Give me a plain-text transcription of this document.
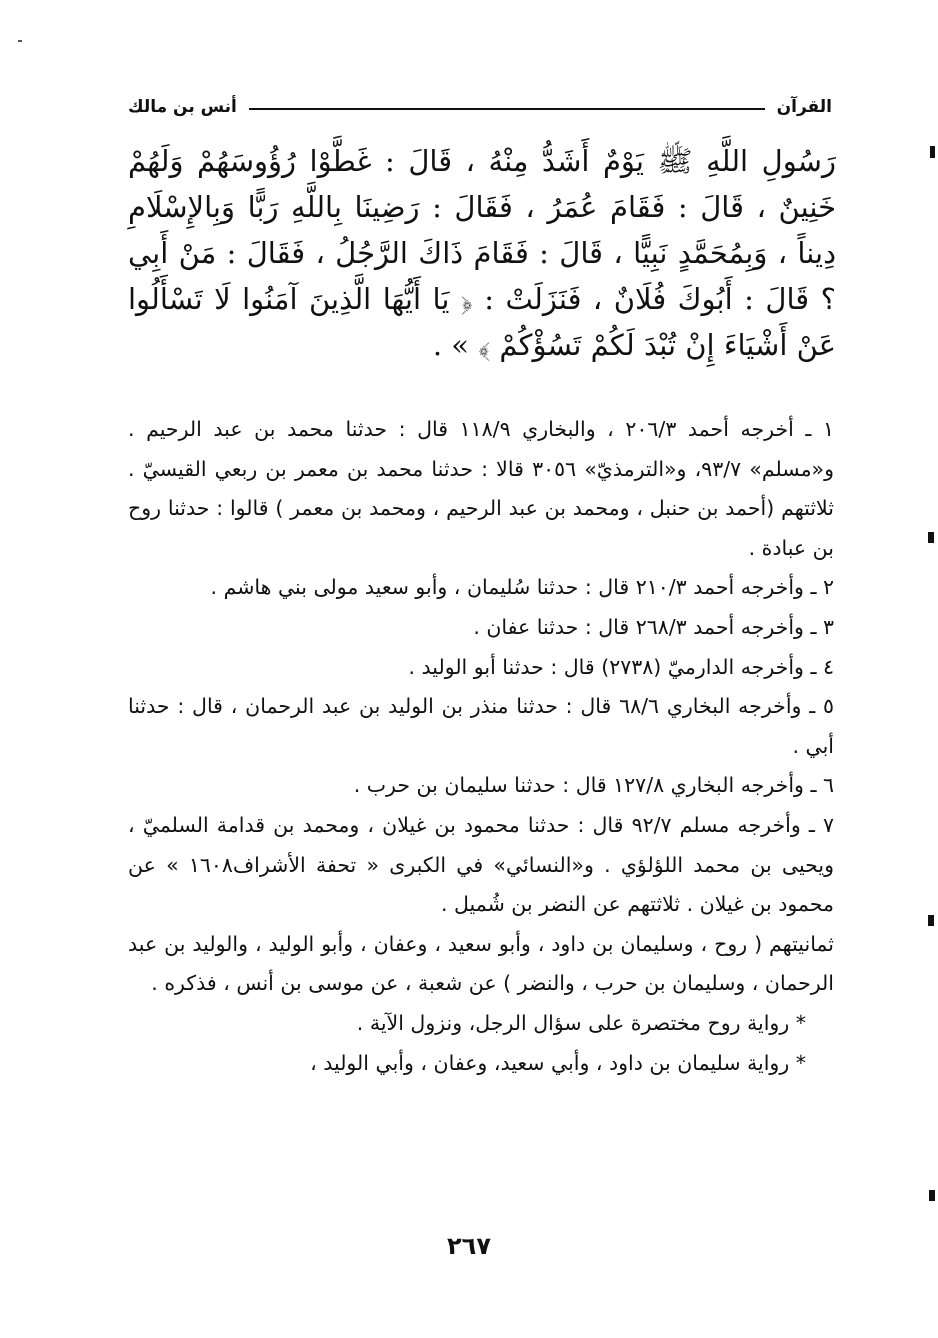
القرآن
أنس بن مالك
رَسُولِ اللَّهِ ﷺ يَوْمٌ أَشَدُّ مِنْهُ ، قَالَ : غَطَّوْا رُؤُوسَهُمْ وَلَهُمْ خَنِينٌ ، قَالَ : فَقَامَ عُمَرُ ، فَقَالَ : رَضِينَا بِاللَّهِ رَبًّا وَبِالإِسْلَامِ دِيناً ، وَبِمُحَمَّدٍ نَبِيًّا ، قَالَ : فَقَامَ ذَاكَ الرَّجُلُ ، فَقَالَ : مَنْ أَبِي ؟ قَالَ : أَبُوكَ فُلَانٌ ، فَنَزَلَتْ : ﴿ يَا أَيُّهَا الَّذِينَ آمَنُوا لَا تَسْأَلُوا عَنْ أَشْيَاءَ إِنْ تُبْدَ لَكُمْ تَسُؤْكُمْ ﴾ » .

١ ـ أخرجه أحمد ٢٠٦/٣ ، والبخاري ١١٨/٩ قال : حدثنا محمد بن عبد الرحيم . و«مسلم» ٩٣/٧، و«الترمذيّ» ٣٠٥٦ قالا : حدثنا محمد بن معمر بن ربعي القيسيّ . ثلاثتهم (أحمد بن حنبل ، ومحمد بن عبد الرحيم ، ومحمد بن معمر ) قالوا : حدثنا روح بن عبادة .

٢ ـ وأخرجه أحمد ٢١٠/٣ قال : حدثنا سُليمان ، وأبو سعيد مولى بني هاشم .

٣ ـ وأخرجه أحمد ٢٦٨/٣ قال : حدثنا عفان .

٤ ـ وأخرجه الدارميّ (٢٧٣٨) قال : حدثنا أبو الوليد .

٥ ـ وأخرجه البخاري ٦٨/٦ قال : حدثنا منذر بن الوليد بن عبد الرحمان ، قال : حدثنا أبي .

٦ ـ وأخرجه البخاري ١٢٧/٨ قال : حدثنا سليمان بن حرب .

٧ ـ وأخرجه مسلم ٩٢/٧ قال : حدثنا محمود بن غيلان ، ومحمد بن قدامة السلميّ ، ويحيى بن محمد اللؤلؤي . و«النسائي» في الكبرى « تحفة الأشراف١٦٠٨ » عن محمود بن غيلان . ثلاثتهم عن النضر بن شُميل .

ثمانيتهم ( روح ، وسليمان بن داود ، وأبو سعيد ، وعفان ، وأبو الوليد ، والوليد بن عبد الرحمان ، وسليمان بن حرب ، والنضر ) عن شعبة ، عن موسى بن أنس ، فذكره .

* رواية روح مختصرة على سؤال الرجل، ونزول الآية .

* رواية سليمان بن داود ، وأبي سعيد، وعفان ، وأبي الوليد ،

٢٦٧
